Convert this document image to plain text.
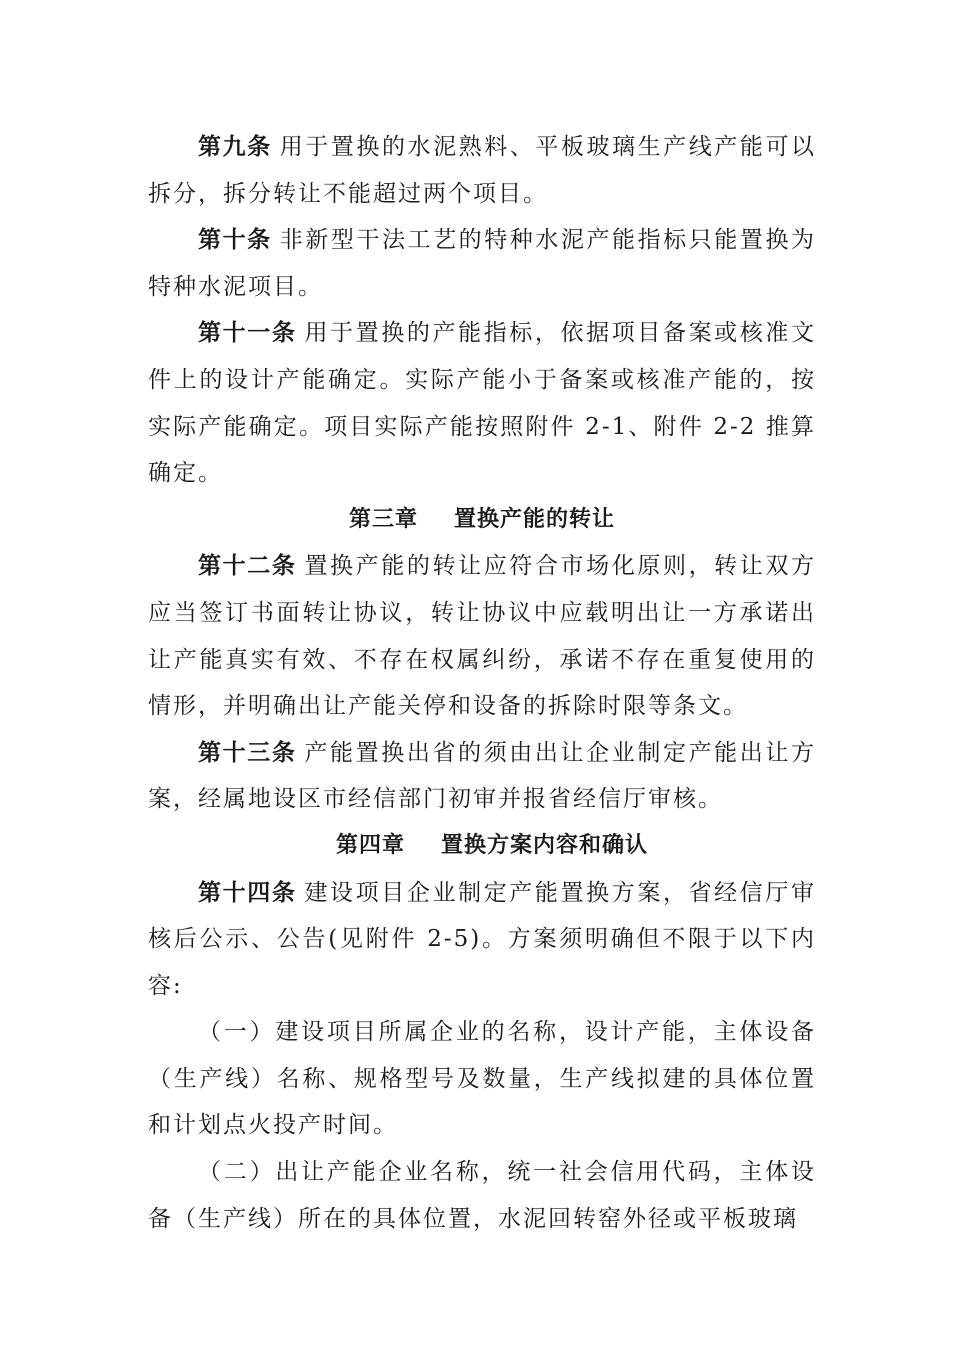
第九条 用于置换的水泥熟料、平板玻璃生产线产能可以拆分，拆分转让不能超过两个项目。

第十条 非新型干法工艺的特种水泥产能指标只能置换为特种水泥项目。

第十一条 用于置换的产能指标，依据项目备案或核准文件上的设计产能确定。实际产能小于备案或核准产能的，按实际产能确定。项目实际产能按照附件 2-1、附件 2-2 推算确定。

第三章 置换产能的转让

第十二条 置换产能的转让应符合市场化原则，转让双方应当签订书面转让协议，转让协议中应载明出让一方承诺出让产能真实有效、不存在权属纠纷，承诺不存在重复使用的情形，并明确出让产能关停和设备的拆除时限等条文。

第十三条 产能置换出省的须由出让企业制定产能出让方案，经属地设区市经信部门初审并报省经信厅审核。

第四章 置换方案内容和确认

第十四条 建设项目企业制定产能置换方案，省经信厅审核后公示、公告(见附件 2-5)。方案须明确但不限于以下内容:

（一）建设项目所属企业的名称，设计产能，主体设备（生产线）名称、规格型号及数量，生产线拟建的具体位置和计划点火投产时间。

（二）出让产能企业名称，统一社会信用代码，主体设备（生产线）所在的具体位置，水泥回转窑外径或平板玻璃
